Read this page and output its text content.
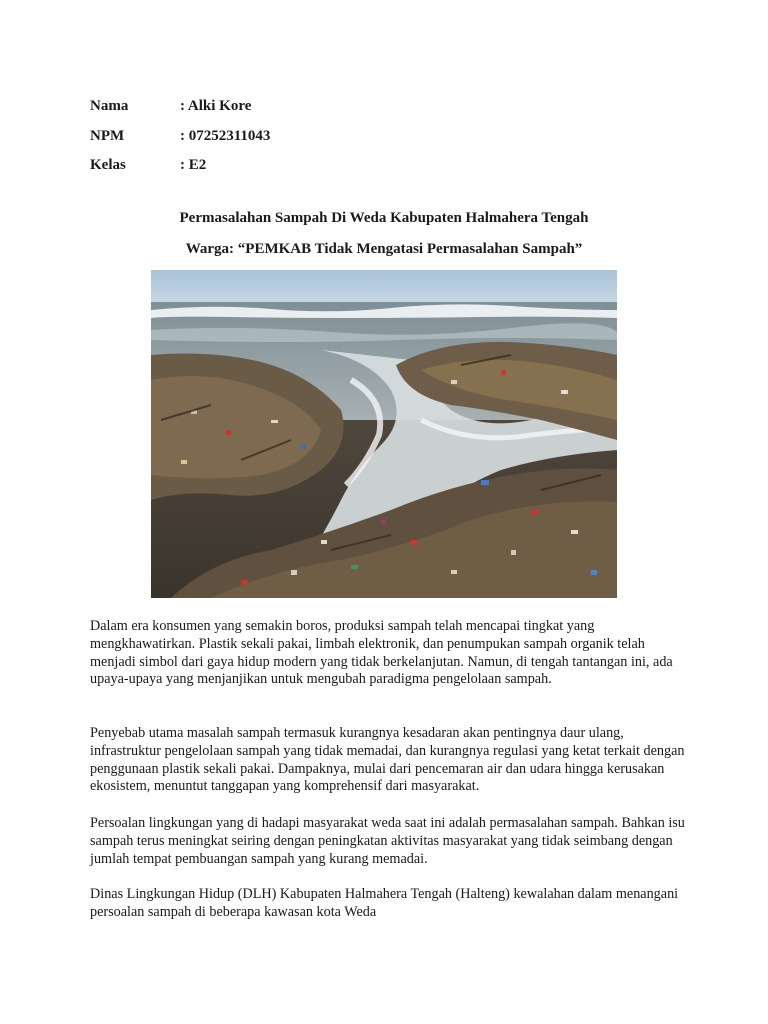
Nama	: Alki Kore
NPM	: 07252311043
Kelas	: E2
Permasalahan Sampah Di Weda Kabupaten Halmahera Tengah
Warga: “PEMKAB Tidak Mengatasi Permasalahan Sampah”

Dalam era konsumen yang semakin boros, produksi sampah telah mencapai tingkat yang mengkhawatirkan. Plastik sekali pakai, limbah elektronik, dan penumpukan sampah organik telah menjadi simbol dari gaya hidup modern yang tidak berkelanjutan. Namun, di tengah tantangan ini, ada upaya-upaya yang menjanjikan untuk mengubah paradigma pengelolaan sampah.

Penyebab utama masalah sampah termasuk kurangnya kesadaran akan pentingnya daur ulang, infrastruktur pengelolaan sampah yang tidak memadai, dan kurangnya regulasi yang ketat terkait dengan penggunaan plastik sekali pakai. Dampaknya, mulai dari pencemaran air dan udara hingga kerusakan ekosistem, menuntut tanggapan yang komprehensif dari masyarakat.

Persoalan lingkungan yang di hadapi masyarakat weda saat ini adalah permasalahan sampah. Bahkan isu sampah terus meningkat seiring dengan peningkatan aktivitas masyarakat yang tidak seimbang dengan jumlah tempat pembuangan sampah yang kurang memadai.

Dinas Lingkungan Hidup (DLH) Kabupaten Halmahera Tengah (Halteng) kewalahan dalam menangani persoalan sampah di beberapa kawasan kota Weda
